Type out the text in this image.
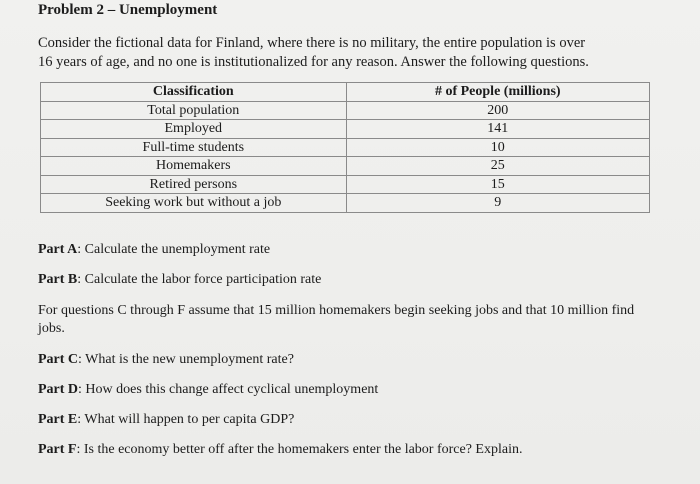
Problem 2 – Unemployment
Consider the fictional data for Finland, where there is no military, the entire population is over
16 years of age, and no one is institutionalized for any reason. Answer the following questions.
Classification	# of People (millions)
Total population	200
Employed	141
Full-time students	10
Homemakers	25
Retired persons	15
Seeking work but without a job	9
Part A: Calculate the unemployment rate
Part B: Calculate the labor force participation rate
For questions C through F assume that 15 million homemakers begin seeking jobs and that 10 million find jobs.
Part C: What is the new unemployment rate?
Part D: How does this change affect cyclical unemployment
Part E: What will happen to per capita GDP?
Part F: Is the economy better off after the homemakers enter the labor force? Explain.
